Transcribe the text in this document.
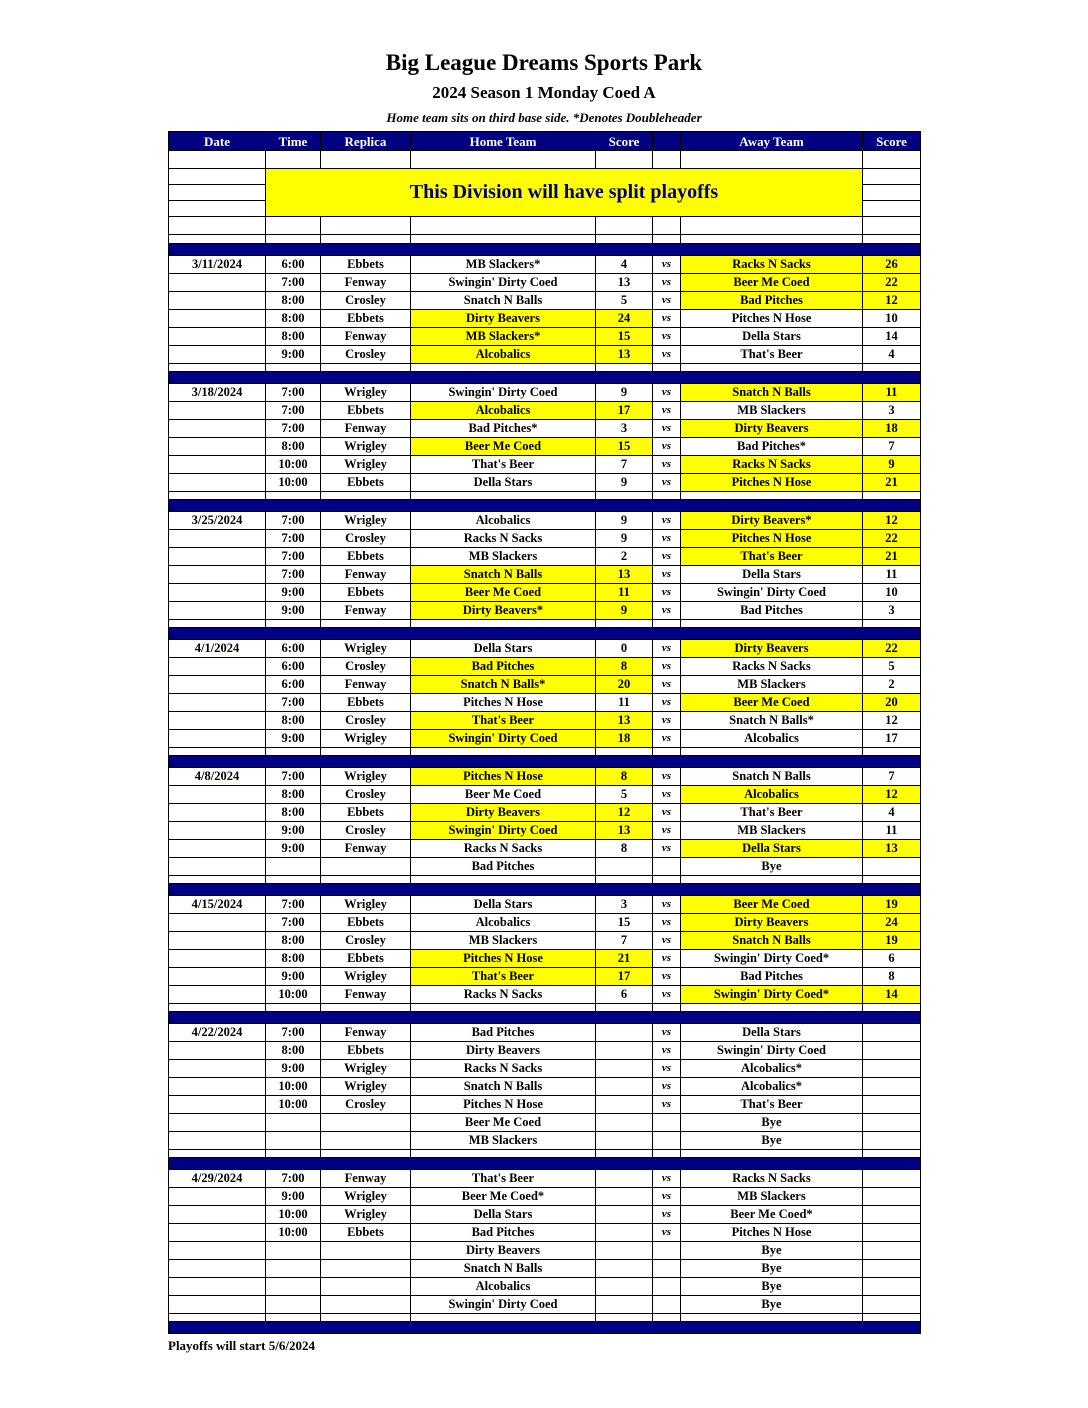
Big League Dreams Sports Park
2024 Season 1 Monday Coed A
Home team sits on third base side. *Denotes Doubleheader
Date	Time	Replica	Home Team	Score	Away Team	Score
This Division will have split playoffs
3/11/2024	6:00	Ebbets	MB Slackers*	4	vs	Racks N Sacks	26
7:00	Fenway	Swingin' Dirty Coed	13	vs	Beer Me Coed	22
8:00	Crosley	Snatch N Balls	5	vs	Bad Pitches	12
8:00	Ebbets	Dirty Beavers	24	vs	Pitches N Hose	10
8:00	Fenway	MB Slackers*	15	vs	Della Stars	14
9:00	Crosley	Alcobalics	13	vs	That's Beer	4
3/18/2024	7:00	Wrigley	Swingin' Dirty Coed	9	vs	Snatch N Balls	11
7:00	Ebbets	Alcobalics	17	vs	MB Slackers	3
7:00	Fenway	Bad Pitches*	3	vs	Dirty Beavers	18
8:00	Wrigley	Beer Me Coed	15	vs	Bad Pitches*	7
10:00	Wrigley	That's Beer	7	vs	Racks N Sacks	9
10:00	Ebbets	Della Stars	9	vs	Pitches N Hose	21
3/25/2024	7:00	Wrigley	Alcobalics	9	vs	Dirty Beavers*	12
7:00	Crosley	Racks N Sacks	9	vs	Pitches N Hose	22
7:00	Ebbets	MB Slackers	2	vs	That's Beer	21
7:00	Fenway	Snatch N Balls	13	vs	Della Stars	11
9:00	Ebbets	Beer Me Coed	11	vs	Swingin' Dirty Coed	10
9:00	Fenway	Dirty Beavers*	9	vs	Bad Pitches	3
4/1/2024	6:00	Wrigley	Della Stars	0	vs	Dirty Beavers	22
6:00	Crosley	Bad Pitches	8	vs	Racks N Sacks	5
6:00	Fenway	Snatch N Balls*	20	vs	MB Slackers	2
7:00	Ebbets	Pitches N Hose	11	vs	Beer Me Coed	20
8:00	Crosley	That's Beer	13	vs	Snatch N Balls*	12
9:00	Wrigley	Swingin' Dirty Coed	18	vs	Alcobalics	17
4/8/2024	7:00	Wrigley	Pitches N Hose	8	vs	Snatch N Balls	7
8:00	Crosley	Beer Me Coed	5	vs	Alcobalics	12
8:00	Ebbets	Dirty Beavers	12	vs	That's Beer	4
9:00	Crosley	Swingin' Dirty Coed	13	vs	MB Slackers	11
9:00	Fenway	Racks N Sacks	8	vs	Della Stars	13
Bad Pitches	Bye
4/15/2024	7:00	Wrigley	Della Stars	3	vs	Beer Me Coed	19
7:00	Ebbets	Alcobalics	15	vs	Dirty Beavers	24
8:00	Crosley	MB Slackers	7	vs	Snatch N Balls	19
8:00	Ebbets	Pitches N Hose	21	vs	Swingin' Dirty Coed*	6
9:00	Wrigley	That's Beer	17	vs	Bad Pitches	8
10:00	Fenway	Racks N Sacks	6	vs	Swingin' Dirty Coed*	14
4/22/2024	7:00	Fenway	Bad Pitches	vs	Della Stars
8:00	Ebbets	Dirty Beavers	vs	Swingin' Dirty Coed
9:00	Wrigley	Racks N Sacks	vs	Alcobalics*
10:00	Wrigley	Snatch N Balls	vs	Alcobalics*
10:00	Crosley	Pitches N Hose	vs	That's Beer
Beer Me Coed	Bye
MB Slackers	Bye
4/29/2024	7:00	Fenway	That's Beer	vs	Racks N Sacks
9:00	Wrigley	Beer Me Coed*	vs	MB Slackers
10:00	Wrigley	Della Stars	vs	Beer Me Coed*
10:00	Ebbets	Bad Pitches	vs	Pitches N Hose
Dirty Beavers	Bye
Snatch N Balls	Bye
Alcobalics	Bye
Swingin' Dirty Coed	Bye
Playoffs will start 5/6/2024
